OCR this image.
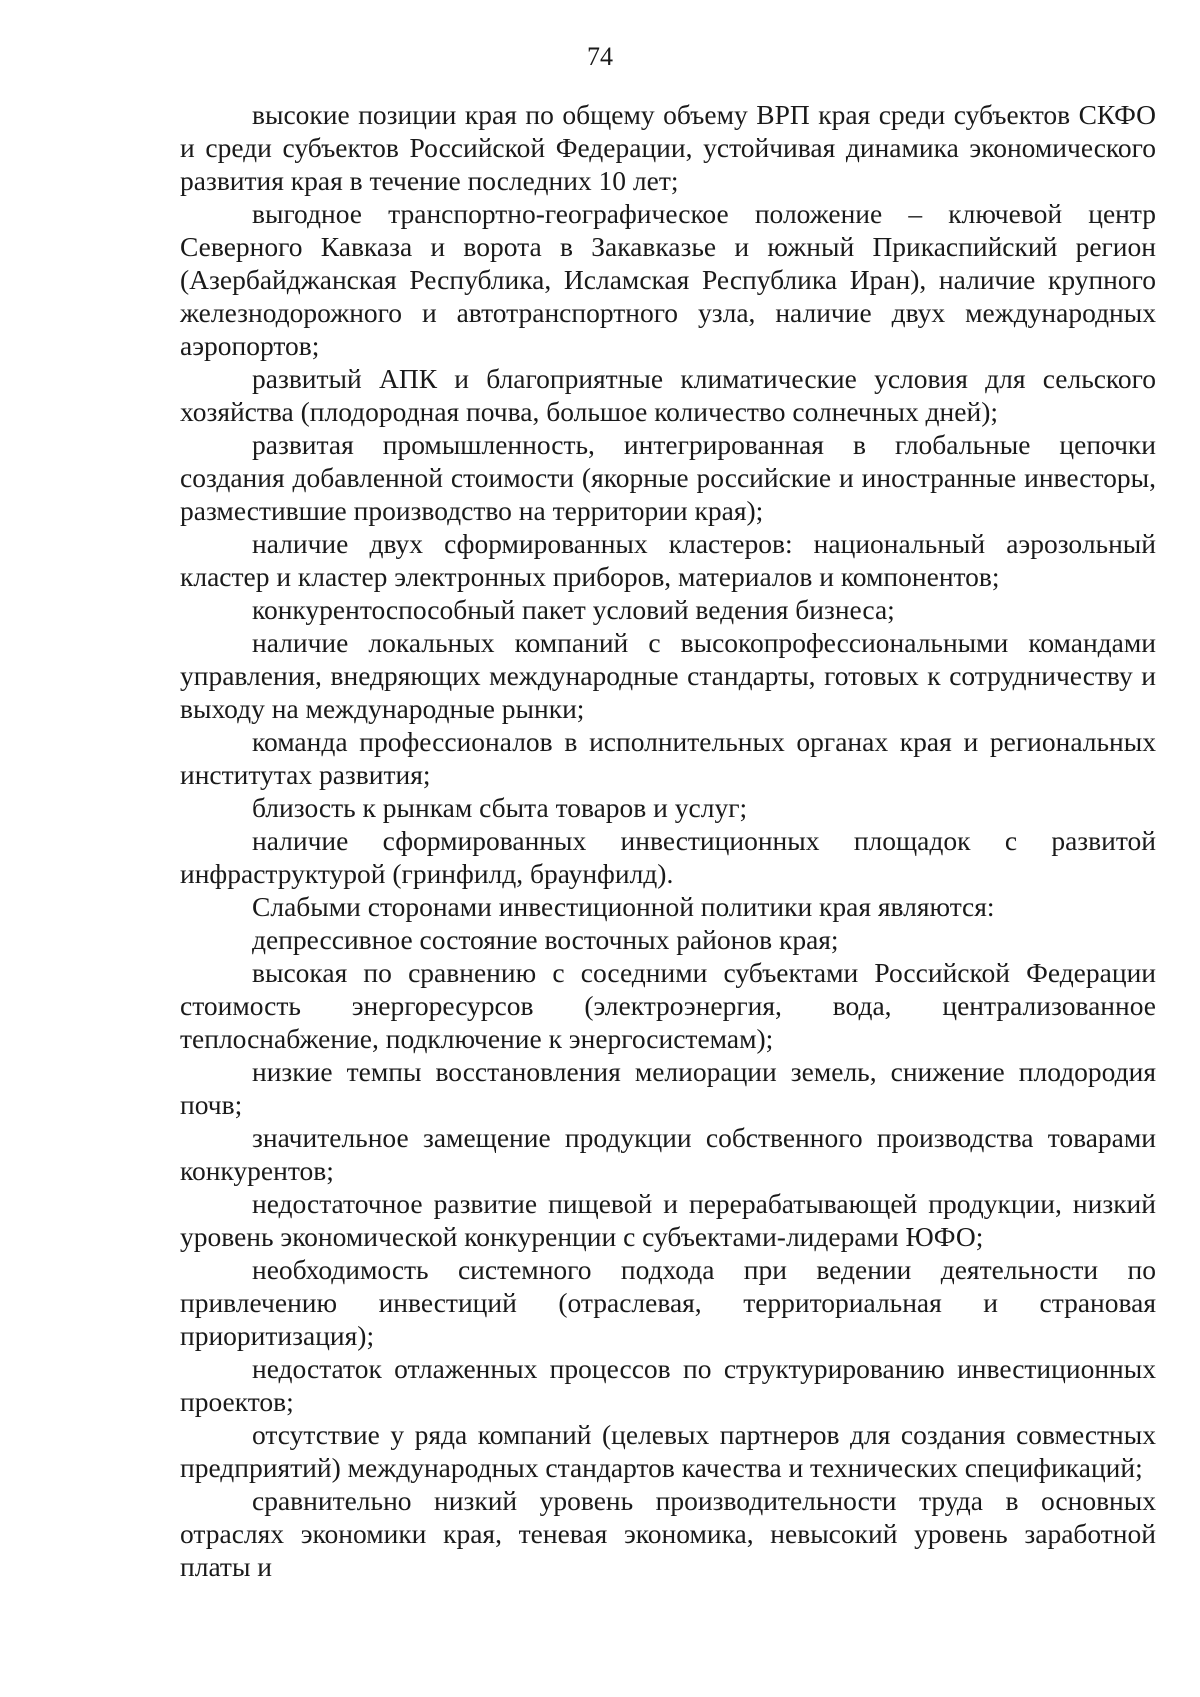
74

высокие позиции края по общему объему ВРП края среди субъектов СКФО и среди субъектов Российской Федерации, устойчивая динамика экономического развития края в течение последних 10 лет;

выгодное транспортно-географическое положение – ключевой центр Северного Кавказа и ворота в Закавказье и южный Прикаспийский регион (Азербайджанская Республика, Исламская Республика Иран), наличие крупного железнодорожного и автотранспортного узла, наличие двух международных аэропортов;

развитый АПК и благоприятные климатические условия для сельского хозяйства (плодородная почва, большое количество солнечных дней);

развитая промышленность, интегрированная в глобальные цепочки создания добавленной стоимости (якорные российские и иностранные инвесторы, разместившие производство на территории края);

наличие двух сформированных кластеров: национальный аэрозольный кластер и кластер электронных приборов, материалов и компонентов;

конкурентоспособный пакет условий ведения бизнеса;

наличие локальных компаний с высокопрофессиональными командами управления, внедряющих международные стандарты, готовых к сотрудничеству и выходу на международные рынки;

команда профессионалов в исполнительных органах края и региональных институтах развития;

близость к рынкам сбыта товаров и услуг;

наличие сформированных инвестиционных площадок с развитой инфраструктурой (гринфилд, браунфилд).

Слабыми сторонами инвестиционной политики края являются:

депрессивное состояние восточных районов края;

высокая по сравнению с соседними субъектами Российской Федерации стоимость энергоресурсов (электроэнергия, вода, централизованное теплоснабжение, подключение к энергосистемам);

низкие темпы восстановления мелиорации земель, снижение плодородия почв;

значительное замещение продукции собственного производства товарами конкурентов;

недостаточное развитие пищевой и перерабатывающей продукции, низкий уровень экономической конкуренции с субъектами-лидерами ЮФО;

необходимость системного подхода при ведении деятельности по привлечению инвестиций (отраслевая, территориальная и страновая приоритизация);

недостаток отлаженных процессов по структурированию инвестиционных проектов;

отсутствие у ряда компаний (целевых партнеров для создания совместных предприятий) международных стандартов качества и технических спецификаций;

сравнительно низкий уровень производительности труда в основных отраслях экономики края, теневая экономика, невысокий уровень заработной платы и
